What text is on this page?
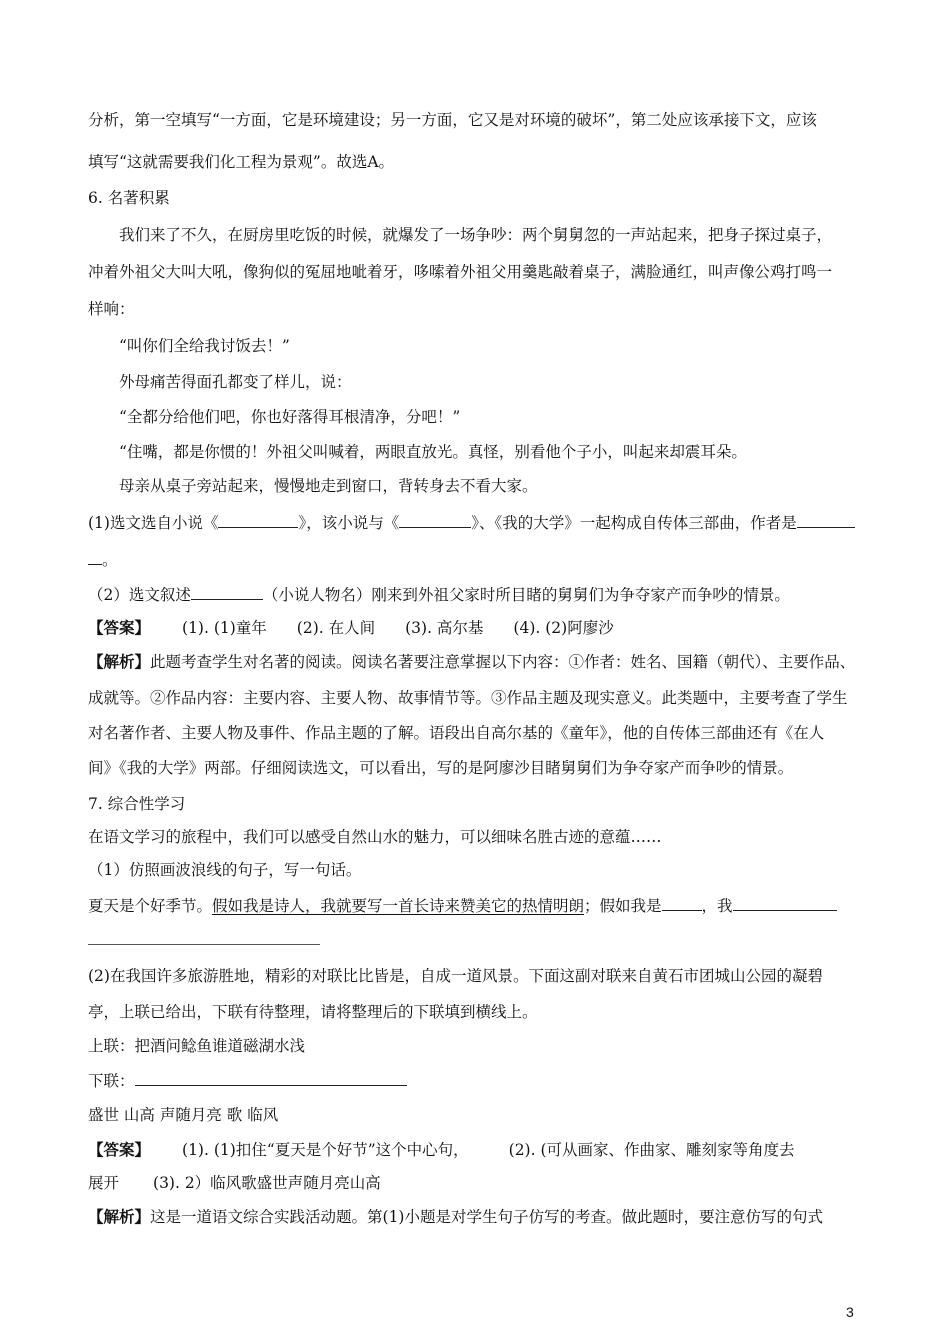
分析，第一空填写“一方面，它是环境建设；另一方面，它又是对环境的破坏”，第二处应该承接下文，应该
填写“这就需要我们化工程为景观”。故选A。
6. 名著积累
我们来了不久，在厨房里吃饭的时候，就爆发了一场争吵：两个舅舅忽的一声站起来，把身子探过桌子，
冲着外祖父大叫大吼，像狗似的冤屈地呲着牙，哆嗦着外祖父用羹匙敲着桌子，满脸通红，叫声像公鸡打鸣一
样响：
“叫你们全给我讨饭去！”
外母痛苦得面孔都变了样儿，说：
“全都分给他们吧，你也好落得耳根清净，分吧！”
“住嘴，都是你惯的！外祖父叫喊着，两眼直放光。真怪，别看他个子小，叫起来却震耳朵。
母亲从桌子旁站起来，慢慢地走到窗口，背转身去不看大家。
(1)选文选自小说《	》，该小说与《	》、《我的大学》一起构成自传体三部曲，作者是
。
（2）选文叙述	（小说人物名）刚来到外祖父家时所目睹的舅舅们为争夺家产而争吵的情景。
【答案】 (1). (1)童年 (2). 在人间 (3). 高尔基 (4). (2)阿廖沙
【解析】此题考查学生对名著的阅读。阅读名著要注意掌握以下内容：①作者：姓名、国籍（朝代）、主要作品、
成就等。②作品内容：主要内容、主要人物、故事情节等。③作品主题及现实意义。此类题中，主要考查了学生
对名著作者、主要人物及事件、作品主题的了解。语段出自高尔基的《童年》，他的自传体三部曲还有《在人
间》《我的大学》两部。仔细阅读选文，可以看出，写的是阿廖沙目睹舅舅们为争夺家产而争吵的情景。
7. 综合性学习
在语文学习的旅程中，我们可以感受自然山水的魅力，可以细味名胜古迹的意蕴……
（1）仿照画波浪线的句子，写一句话。
夏天是个好季节。假如我是诗人，我就要写一首长诗来赞美它的热情明朗；假如我是	，我
(2)在我国许多旅游胜地，精彩的对联比比皆是，自成一道风景。下面这副对联来自黄石市团城山公园的凝碧
亭，上联已给出，下联有待整理，请将整理后的下联填到横线上。
上联：把酒问鲶鱼谁道磁湖水浅
下联：
盛世 山高 声随月亮 歌 临风
【答案】 (1). (1)扣住“夏天是个好节”这个中心句，	(2). (可从画家、作曲家、雕刻家等角度去
展开 (3). 2）临风歌盛世声随月亮山高
【解析】这是一道语文综合实践活动题。第(1)小题是对学生句子仿写的考查。做此题时，要注意仿写的句式
3
